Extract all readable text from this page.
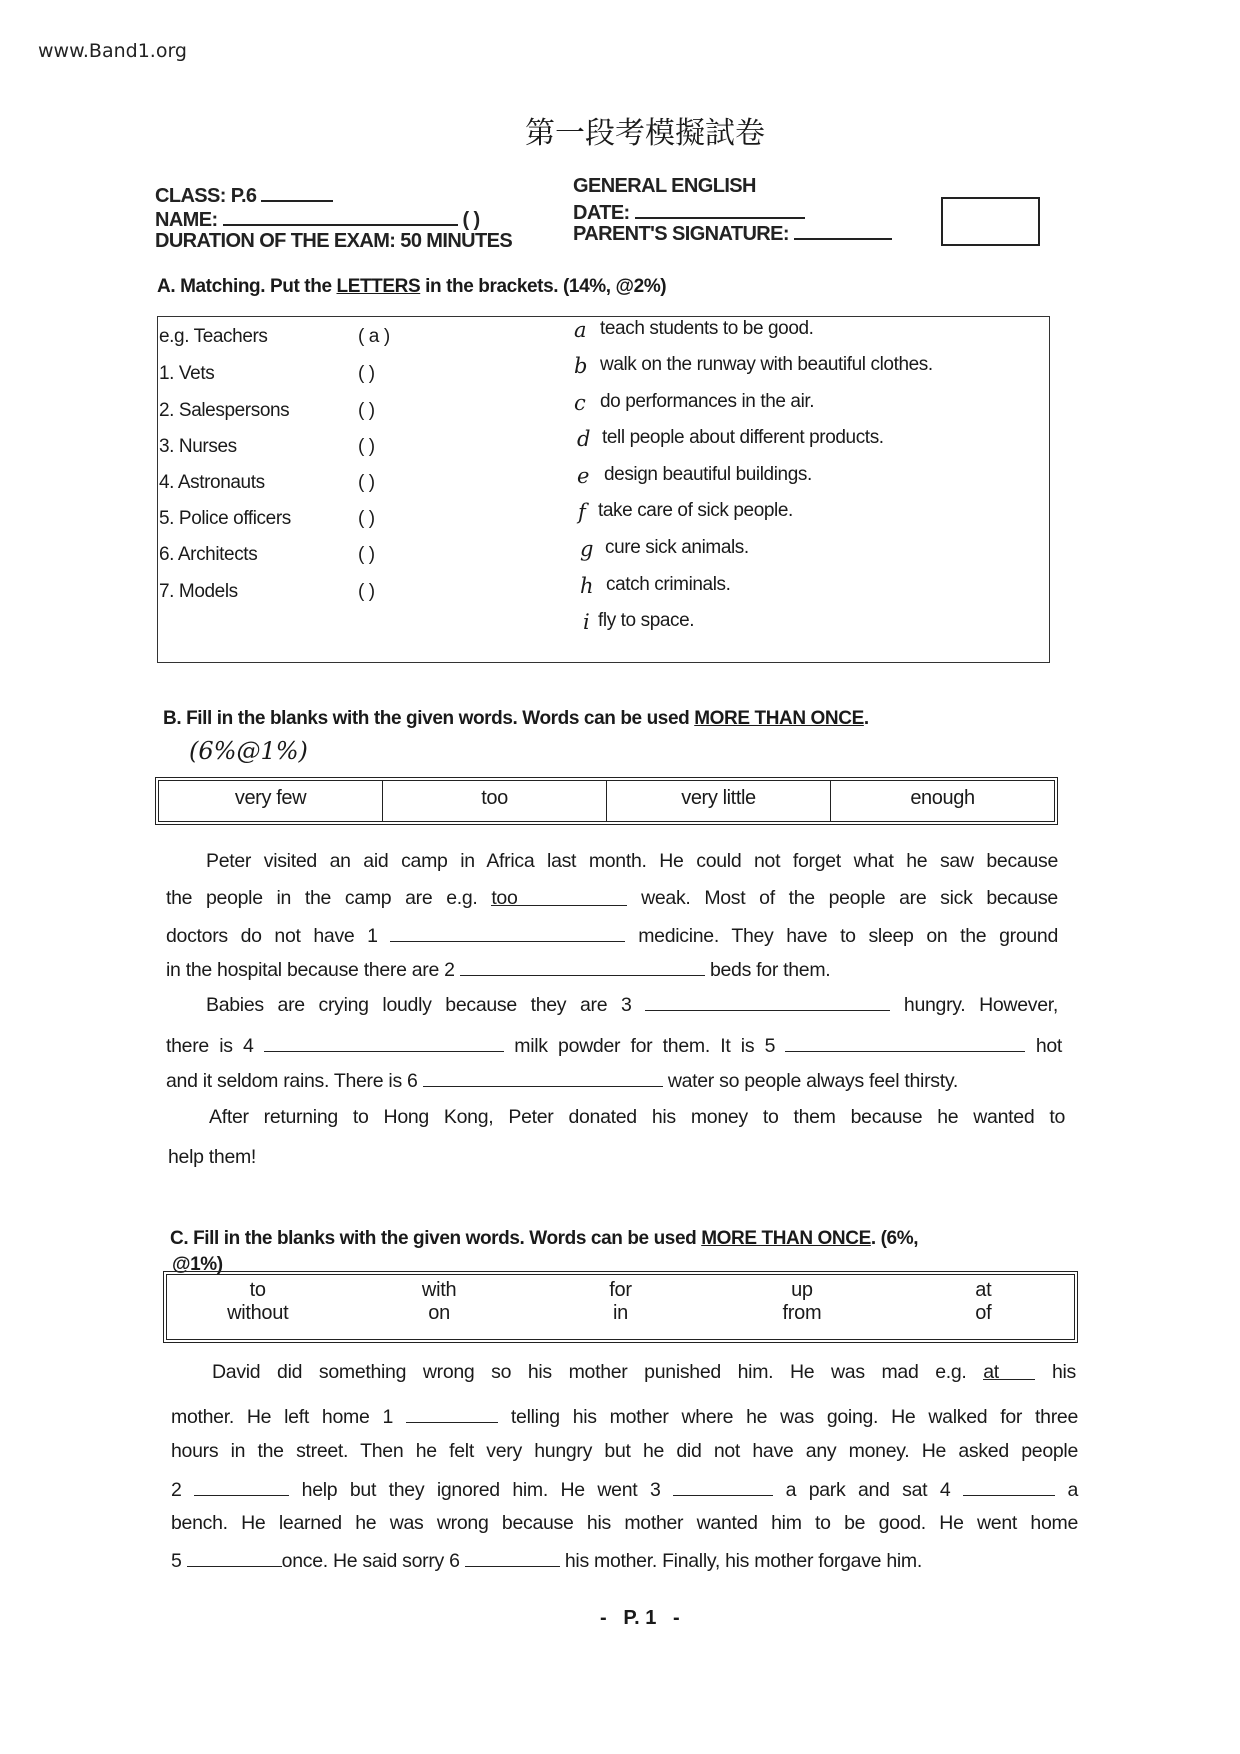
www.Band1.org
第一段考模擬試卷
CLASS: P.6
NAME:	( )
DURATION OF THE EXAM: 50 MINUTES
GENERAL ENGLISH
DATE:
PARENT'S SIGNATURE:
A. Matching. Put the LETTERS in the brackets. (14%, @2%)
e.g. Teachers	( a )
1. Vets	( )
2. Salespersons	( )
3. Nurses	( )
4. Astronauts	( )
5. Police officers	( )
6. Architects	( )
7. Models	( )
a teach students to be good.
b walk on the runway with beautiful clothes.
c do performances in the air.
d tell people about different products.
e design beautiful buildings.
f take care of sick people.
g cure sick animals.
h catch criminals.
i fly to space.
B. Fill in the blanks with the given words. Words can be used MORE THAN ONCE.
(6%@1%)
very few	too	very little	enough
Peter visited an aid camp in Africa last month. He could not forget what he saw because
the people in the camp are e.g. too	weak. Most of the people are sick because
doctors do not have 1	medicine. They have to sleep on the ground
in the hospital because there are 2	beds for them.
Babies are crying loudly because they are 3	hungry. However,
there is 4	milk powder for them. It is 5	hot
and it seldom rains. There is 6	water so people always feel thirsty.
After returning to Hong Kong, Peter donated his money to them because he wanted to
help them!
C. Fill in the blanks with the given words. Words can be used MORE THAN ONCE. (6%,
@1%)
to	with	for	up	at
without	on	in	from	of
David did something wrong so his mother punished him. He was mad e.g. at	his
mother. He left home 1	telling his mother where he was going. He walked for three
hours in the street. Then he felt very hungry but he did not have any money. He asked people
2	help but they ignored him. He went 3	a park and sat 4	a
bench. He learned he was wrong because his mother wanted him to be good. He went home
5	once. He said sorry 6	his mother. Finally, his mother forgave him.
-   P. 1   -
